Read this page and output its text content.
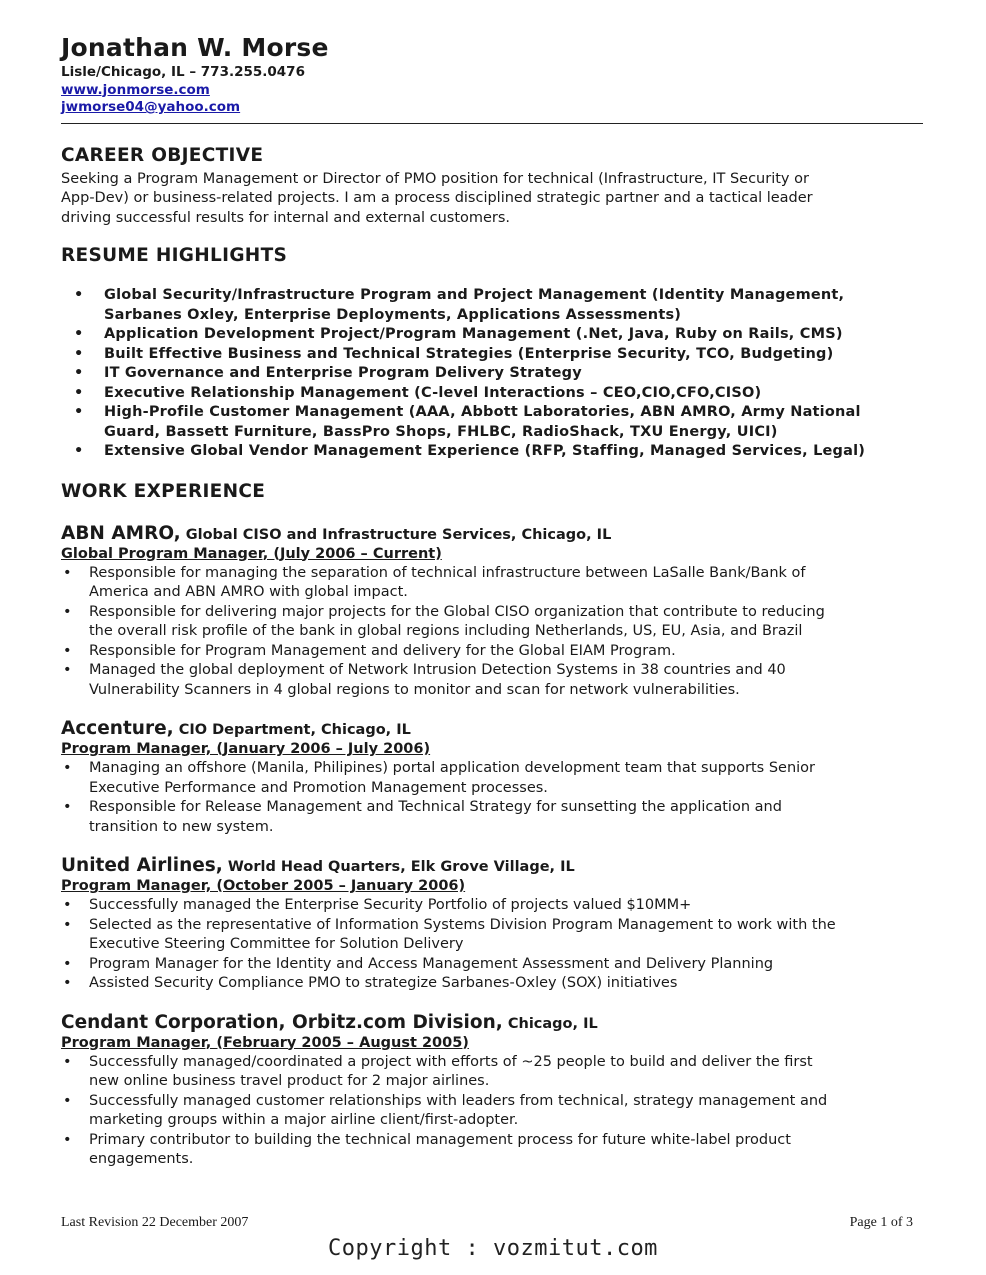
Jonathan W. Morse
Lisle/Chicago, IL – 773.255.0476
www.jonmorse.com
jwmorse04@yahoo.com
CAREER OBJECTIVE
Seeking a Program Management or Director of PMO position for technical (Infrastructure, IT Security or
App-Dev) or business-related projects. I am a process disciplined strategic partner and a tactical leader
driving successful results for internal and external customers.
RESUME HIGHLIGHTS
• Global Security/Infrastructure Program and Project Management (Identity Management,
Sarbanes Oxley, Enterprise Deployments, Applications Assessments)
• Application Development Project/Program Management (.Net, Java, Ruby on Rails, CMS)
• Built Effective Business and Technical Strategies (Enterprise Security, TCO, Budgeting)
• IT Governance and Enterprise Program Delivery Strategy
• Executive Relationship Management (C-level Interactions – CEO,CIO,CFO,CISO)
• High-Profile Customer Management (AAA, Abbott Laboratories, ABN AMRO, Army National
Guard, Bassett Furniture, BassPro Shops, FHLBC, RadioShack, TXU Energy, UICI)
• Extensive Global Vendor Management Experience (RFP, Staffing, Managed Services, Legal)
WORK EXPERIENCE
ABN AMRO, Global CISO and Infrastructure Services, Chicago, IL
Global Program Manager, (July 2006 – Current)
• Responsible for managing the separation of technical infrastructure between LaSalle Bank/Bank of
America and ABN AMRO with global impact.
• Responsible for delivering major projects for the Global CISO organization that contribute to reducing
the overall risk profile of the bank in global regions including Netherlands, US, EU, Asia, and Brazil
• Responsible for Program Management and delivery for the Global EIAM Program.
• Managed the global deployment of Network Intrusion Detection Systems in 38 countries and 40
Vulnerability Scanners in 4 global regions to monitor and scan for network vulnerabilities.
Accenture, CIO Department, Chicago, IL
Program Manager, (January 2006 – July 2006)
• Managing an offshore (Manila, Philipines) portal application development team that supports Senior
Executive Performance and Promotion Management processes.
• Responsible for Release Management and Technical Strategy for sunsetting the application and
transition to new system.
United Airlines, World Head Quarters, Elk Grove Village, IL
Program Manager, (October 2005 – January 2006)
• Successfully managed the Enterprise Security Portfolio of projects valued $10MM+
• Selected as the representative of Information Systems Division Program Management to work with the
Executive Steering Committee for Solution Delivery
• Program Manager for the Identity and Access Management Assessment and Delivery Planning
• Assisted Security Compliance PMO to strategize Sarbanes-Oxley (SOX) initiatives
Cendant Corporation, Orbitz.com Division, Chicago, IL
Program Manager, (February 2005 – August 2005)
• Successfully managed/coordinated a project with efforts of ~25 people to build and deliver the first
new online business travel product for 2 major airlines.
• Successfully managed customer relationships with leaders from technical, strategy management and
marketing groups within a major airline client/first-adopter.
• Primary contributor to building the technical management process for future white-label product
engagements.
Last Revision 22 December 2007	Page 1 of 3
Copyright : vozmitut.com
